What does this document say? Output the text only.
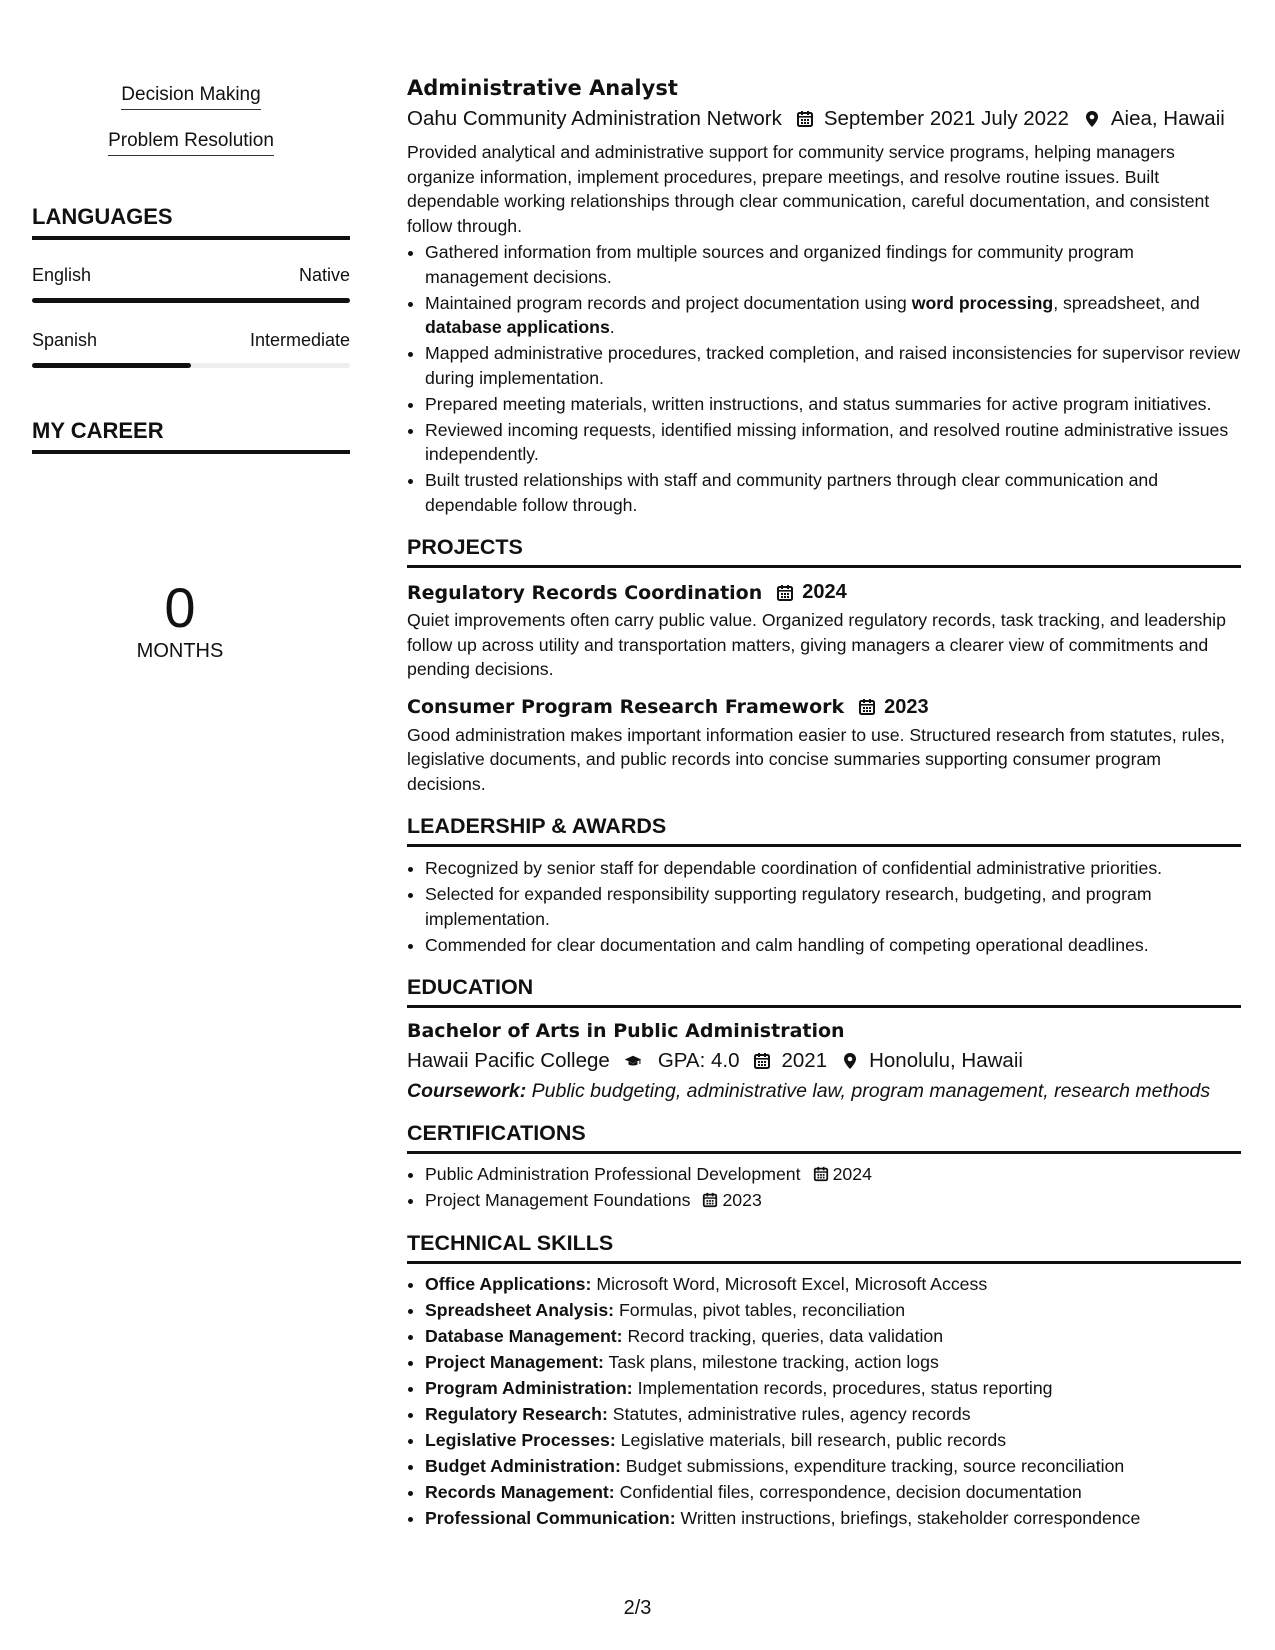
Decision Making
Problem Resolution
LANGUAGES
English	Native
Spanish	Intermediate
MY CAREER
0
MONTHS
Administrative Analyst
Oahu Community Administration Network September 2021 July 2022 Aiea, Hawaii
Provided analytical and administrative support for community service programs, helping managers organize information, implement procedures, prepare meetings, and resolve routine issues. Built dependable working relationships through clear communication, careful documentation, and consistent follow through.
• Gathered information from multiple sources and organized findings for community program management decisions.
• Maintained program records and project documentation using word processing, spreadsheet, and database applications.
• Mapped administrative procedures, tracked completion, and raised inconsistencies for supervisor review during implementation.
• Prepared meeting materials, written instructions, and status summaries for active program initiatives.
• Reviewed incoming requests, identified missing information, and resolved routine administrative issues independently.
• Built trusted relationships with staff and community partners through clear communication and dependable follow through.
PROJECTS
Regulatory Records Coordination 2024
Quiet improvements often carry public value. Organized regulatory records, task tracking, and leadership follow up across utility and transportation matters, giving managers a clearer view of commitments and pending decisions.
Consumer Program Research Framework 2023
Good administration makes important information easier to use. Structured research from statutes, rules, legislative documents, and public records into concise summaries supporting consumer program decisions.
LEADERSHIP & AWARDS
• Recognized by senior staff for dependable coordination of confidential administrative priorities.
• Selected for expanded responsibility supporting regulatory research, budgeting, and program implementation.
• Commended for clear documentation and calm handling of competing operational deadlines.
EDUCATION
Bachelor of Arts in Public Administration
Hawaii Pacific College GPA: 4.0 2021 Honolulu, Hawaii
Coursework: Public budgeting, administrative law, program management, research methods
CERTIFICATIONS
• Public Administration Professional Development 2024
• Project Management Foundations 2023
TECHNICAL SKILLS
• Office Applications: Microsoft Word, Microsoft Excel, Microsoft Access
• Spreadsheet Analysis: Formulas, pivot tables, reconciliation
• Database Management: Record tracking, queries, data validation
• Project Management: Task plans, milestone tracking, action logs
• Program Administration: Implementation records, procedures, status reporting
• Regulatory Research: Statutes, administrative rules, agency records
• Legislative Processes: Legislative materials, bill research, public records
• Budget Administration: Budget submissions, expenditure tracking, source reconciliation
• Records Management: Confidential files, correspondence, decision documentation
• Professional Communication: Written instructions, briefings, stakeholder correspondence
2/3
